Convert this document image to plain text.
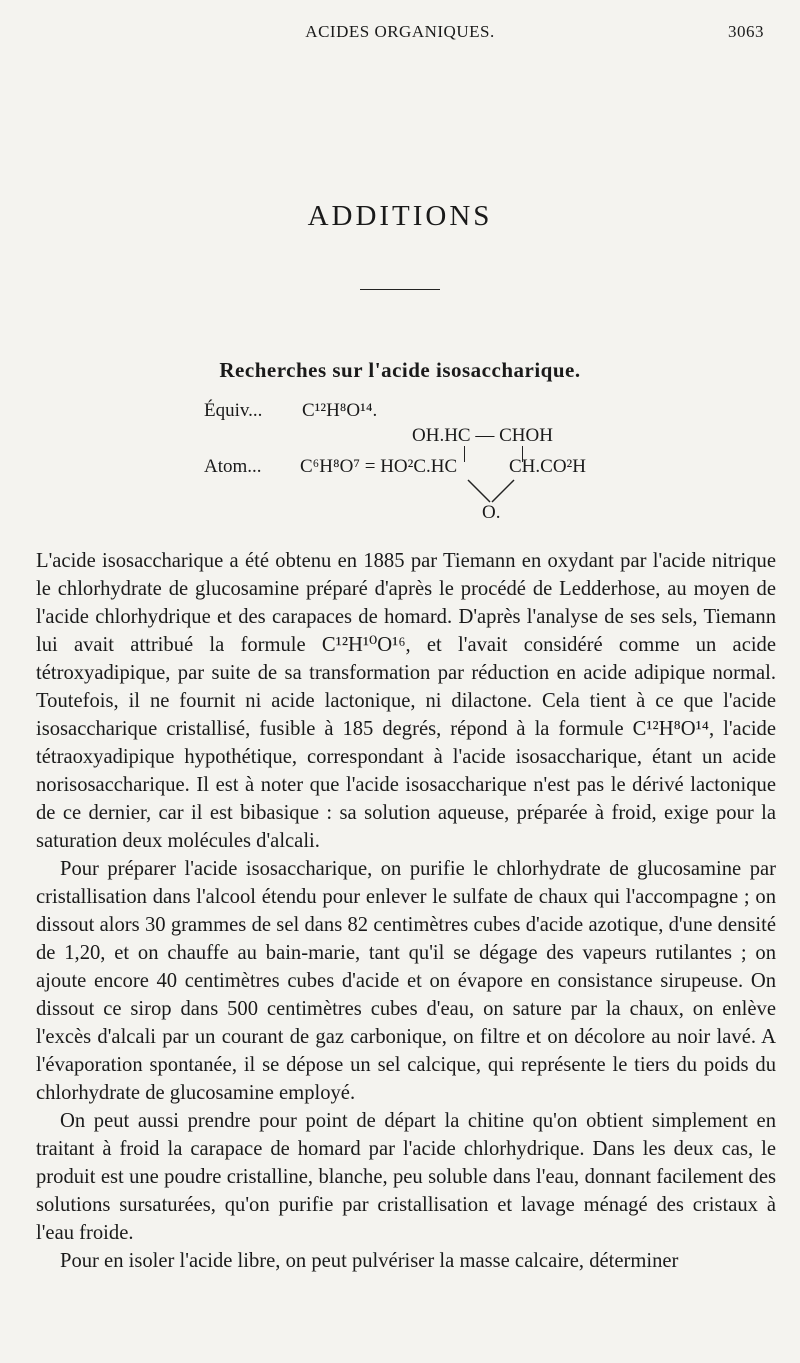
ACIDES ORGANIQUES.	3063
ADDITIONS
Recherches sur l'acide isosaccharique.
Équiv... C¹²H⁸O¹⁴.
OH.HC — CHOH
Atom... C⁶H⁸O⁷ = HO²C.HC	CH.CO²H
O.

L'acide isosaccharique a été obtenu en 1885 par Tiemann en oxydant par l'acide nitrique le chlorhydrate de glucosamine préparé d'après le procédé de Ledderhose, au moyen de l'acide chlorhydrique et des carapaces de homard. D'après l'analyse de ses sels, Tiemann lui avait attribué la formule C¹²H¹⁰O¹⁶, et l'avait considéré comme un acide tétroxyadipique, par suite de sa transformation par réduction en acide adipique normal. Toutefois, il ne fournit ni acide lactonique, ni dilactone. Cela tient à ce que l'acide isosaccharique cristallisé, fusible à 185 degrés, répond à la formule C¹²H⁸O¹⁴, l'acide tétraoxyadipique hypothétique, correspondant à l'acide isosaccharique, étant un acide norisosaccharique. Il est à noter que l'acide isosaccharique n'est pas le dérivé lactonique de ce dernier, car il est bibasique : sa solution aqueuse, préparée à froid, exige pour la saturation deux molécules d'alcali.

Pour préparer l'acide isosaccharique, on purifie le chlorhydrate de glucosamine par cristallisation dans l'alcool étendu pour enlever le sulfate de chaux qui l'accompagne ; on dissout alors 30 grammes de sel dans 82 centimètres cubes d'acide azotique, d'une densité de 1,20, et on chauffe au bain-marie, tant qu'il se dégage des vapeurs rutilantes ; on ajoute encore 40 centimètres cubes d'acide et on évapore en consistance sirupeuse. On dissout ce sirop dans 500 centimètres cubes d'eau, on sature par la chaux, on enlève l'excès d'alcali par un courant de gaz carbonique, on filtre et on décolore au noir lavé. A l'évaporation spontanée, il se dépose un sel calcique, qui représente le tiers du poids du chlorhydrate de glucosamine employé.

On peut aussi prendre pour point de départ la chitine qu'on obtient simplement en traitant à froid la carapace de homard par l'acide chlorhydrique. Dans les deux cas, le produit est une poudre cristalline, blanche, peu soluble dans l'eau, donnant facilement des solutions sursaturées, qu'on purifie par cristallisation et lavage ménagé des cristaux à l'eau froide.

Pour en isoler l'acide libre, on peut pulvériser la masse calcaire, déterminer
